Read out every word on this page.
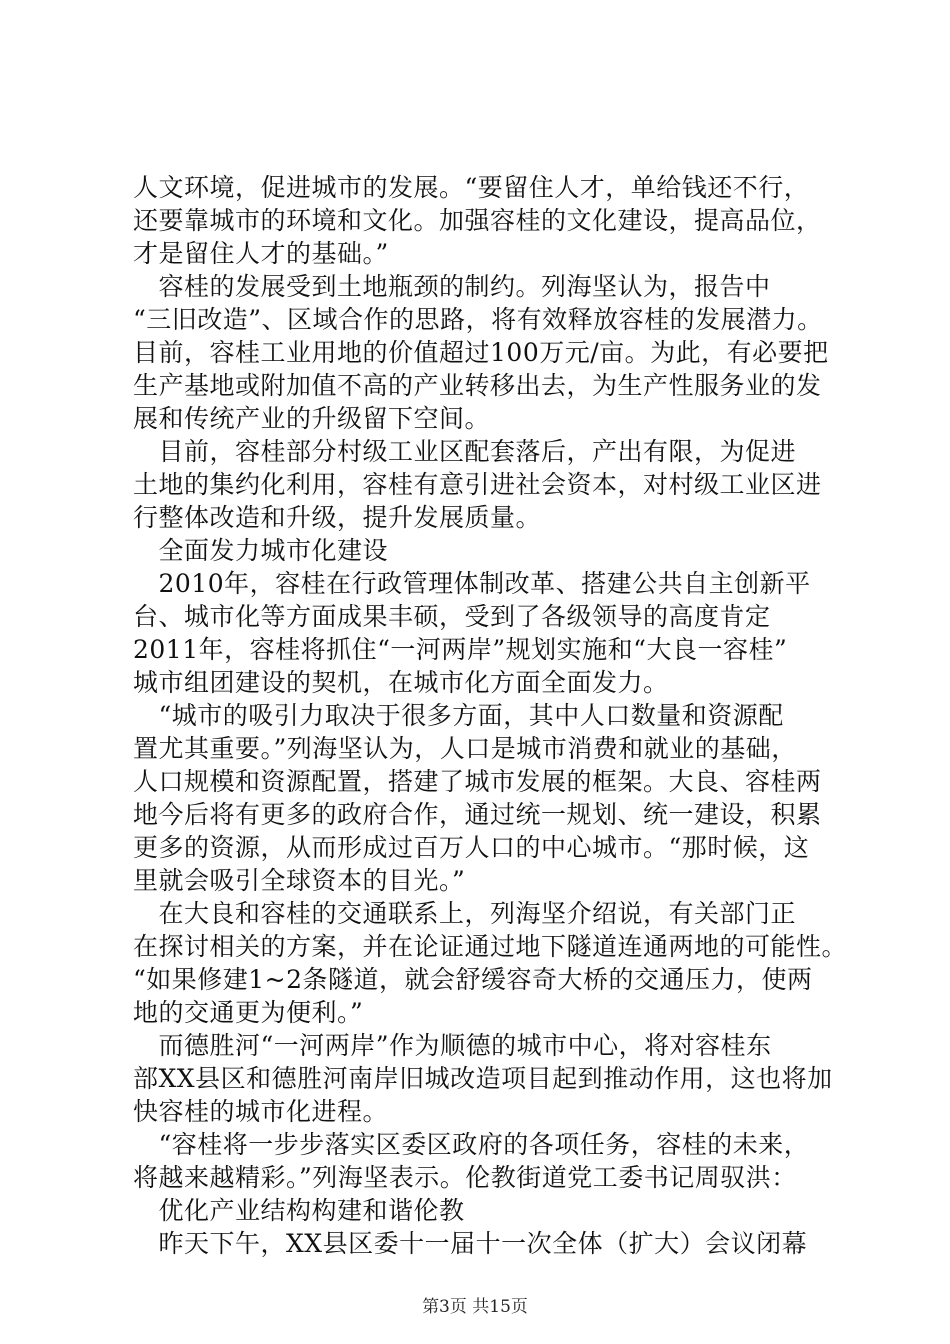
人文环境，促进城市的发展。“要留住人才，单给钱还不行，
还要靠城市的环境和文化。加强容桂的文化建设，提高品位，
才是留住人才的基础。”
　容桂的发展受到土地瓶颈的制约。列海坚认为，报告中
“三旧改造”、区域合作的思路，将有效释放容桂的发展潜力。
目前，容桂工业用地的价值超过100万元/亩。为此，有必要把
生产基地或附加值不高的产业转移出去，为生产性服务业的发
展和传统产业的升级留下空间。
　目前，容桂部分村级工业区配套落后，产出有限，为促进
土地的集约化利用，容桂有意引进社会资本，对村级工业区进
行整体改造和升级，提升发展质量。
　全面发力城市化建设
　2010年，容桂在行政管理体制改革、搭建公共自主创新平
台、城市化等方面成果丰硕，受到了各级领导的高度肯定
2011年，容桂将抓住“一河两岸”规划实施和“大良一容桂”
城市组团建设的契机，在城市化方面全面发力。
　“城市的吸引力取决于很多方面，其中人口数量和资源配
置尤其重要。”列海坚认为，人口是城市消费和就业的基础，
人口规模和资源配置，搭建了城市发展的框架。大良、容桂两
地今后将有更多的政府合作，通过统一规划、统一建设，积累
更多的资源，从而形成过百万人口的中心城市。“那时候，这
里就会吸引全球资本的目光。”
　在大良和容桂的交通联系上，列海坚介绍说，有关部门正
在探讨相关的方案，并在论证通过地下隧道连通两地的可能性。
“如果修建1~2条隧道，就会舒缓容奇大桥的交通压力，使两
地的交通更为便利。”
　而德胜河“一河两岸”作为顺德的城市中心，将对容桂东
部XX县区和德胜河南岸旧城改造项目起到推动作用，这也将加
快容桂的城市化进程。
　“容桂将一步步落实区委区政府的各项任务，容桂的未来，
将越来越精彩。”列海坚表示。伦教街道党工委书记周驭洪：
　优化产业结构构建和谐伦教
　昨天下午，XX县区委十一届十一次全体（扩大）会议闭幕
第3页 共15页
